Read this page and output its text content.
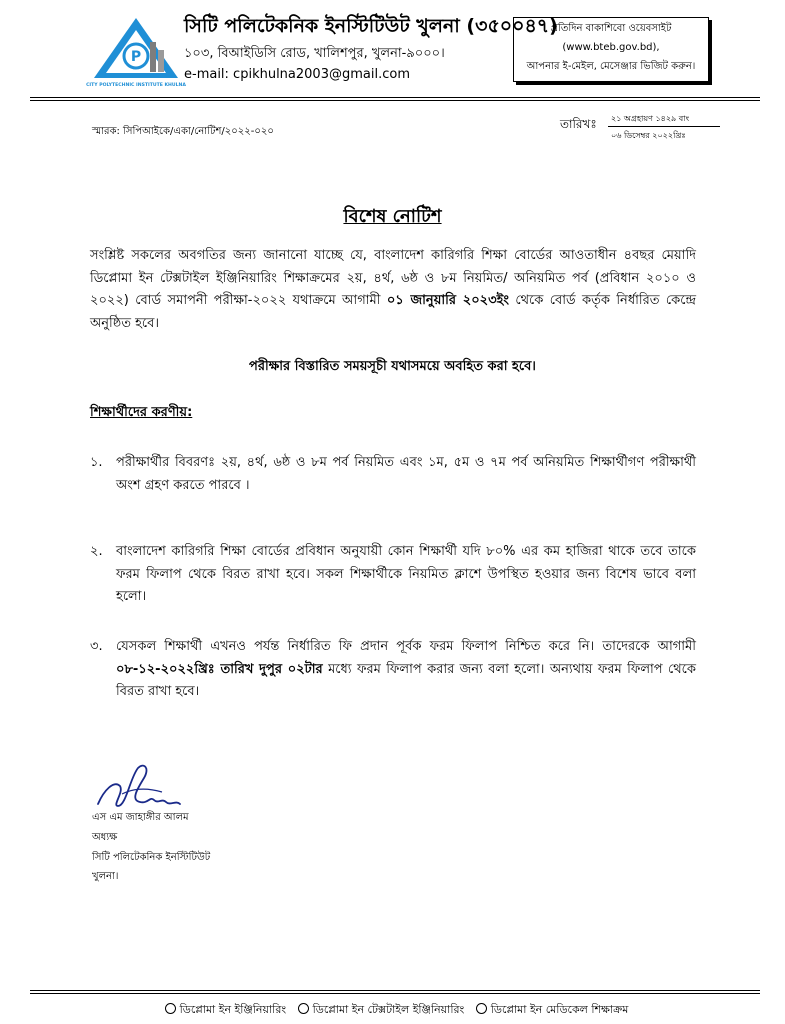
P
CITY POLYTECHNIC INSTITUTE KHULNA
সিটি পলিটেকনিক ইনস্টিটিউট খুলনা (৩৫০০৪৭)
১০৩, বিআইডিসি রোড, খালিশপুর, খুলনা-৯০০০।
e-mail: cpikhulna2003@gmail.com
প্রতিদিন বাকাশিবো ওয়েবসাইট
(www.bteb.gov.bd),
আপনার ই-মেইল, মেসেঞ্জার ভিজিট করুন।
স্মারক: সিপিআইকে/একা/নোটিশ/২০২২-০২০
তারিখঃ ২১ অগ্রহায়ণ ১৪২৯ বাং
০৬ ডিসেম্বর ২০২২খ্রিঃ
বিশেষ নোটিশ
সংশ্লিষ্ট সকলের অবগতির জন্য জানানো যাচ্ছে যে, বাংলাদেশ কারিগরি শিক্ষা বোর্ডের আওতাধীন ৪বছর মেয়াদি ডিপ্লোমা ইন টেক্সটাইল ইঞ্জিনিয়ারিং শিক্ষাক্রমের ২য়, ৪র্থ, ৬ষ্ঠ ও ৮ম নিয়মিত/ অনিয়মিত পর্ব (প্রবিধান ২০১০ ও ২০২২) বোর্ড সমাপনী পরীক্ষা-২০২২ যথাক্রমে আগামী ০১ জানুয়ারি ২০২৩ইং থেকে বোর্ড কর্তৃক নির্ধারিত কেন্দ্রে অনুষ্ঠিত হবে।
পরীক্ষার বিস্তারিত সময়সূচী যথাসময়ে অবহিত করা হবে।
শিক্ষার্থীদের করণীয়:
১.	পরীক্ষার্থীর বিবরণঃ ২য়, ৪র্থ, ৬ষ্ঠ ও ৮ম পর্ব নিয়মিত এবং ১ম, ৫ম ও ৭ম পর্ব অনিয়মিত শিক্ষার্থীগণ পরীক্ষার্থী অংশ গ্রহণ করতে পারবে ।
২.	বাংলাদেশ কারিগরি শিক্ষা বোর্ডের প্রবিধান অনুযায়ী কোন শিক্ষার্থী যদি ৮০% এর কম হাজিরা থাকে তবে তাকে ফরম ফিলাপ থেকে বিরত রাখা হবে। সকল শিক্ষার্থীকে নিয়মিত ক্লাশে উপস্থিত হওয়ার জন্য বিশেষ ভাবে বলা হলো।
৩.	যেসকল শিক্ষার্থী এখনও পর্যন্ত নির্ধারিত ফি প্রদান পূর্বক ফরম ফিলাপ নিশ্চিত করে নি। তাদেরকে আগামী ০৮-১২-২০২২খ্রিঃ তারিখ দুপুর ০২টার মধ্যে ফরম ফিলাপ করার জন্য বলা হলো। অন্যথায় ফরম ফিলাপ থেকে বিরত রাখা হবে।
এস এম জাহাঙ্গীর আলম
অধ্যক্ষ
সিটি পলিটেকনিক ইনস্টিটিউট
খুলনা।
ডিপ্লোমা ইন ইঞ্জিনিয়ারিং ডিপ্লোমা ইন টেক্সটাইল ইঞ্জিনিয়ারিং ডিপ্লোমা ইন মেডিকেল শিক্ষাক্রম
